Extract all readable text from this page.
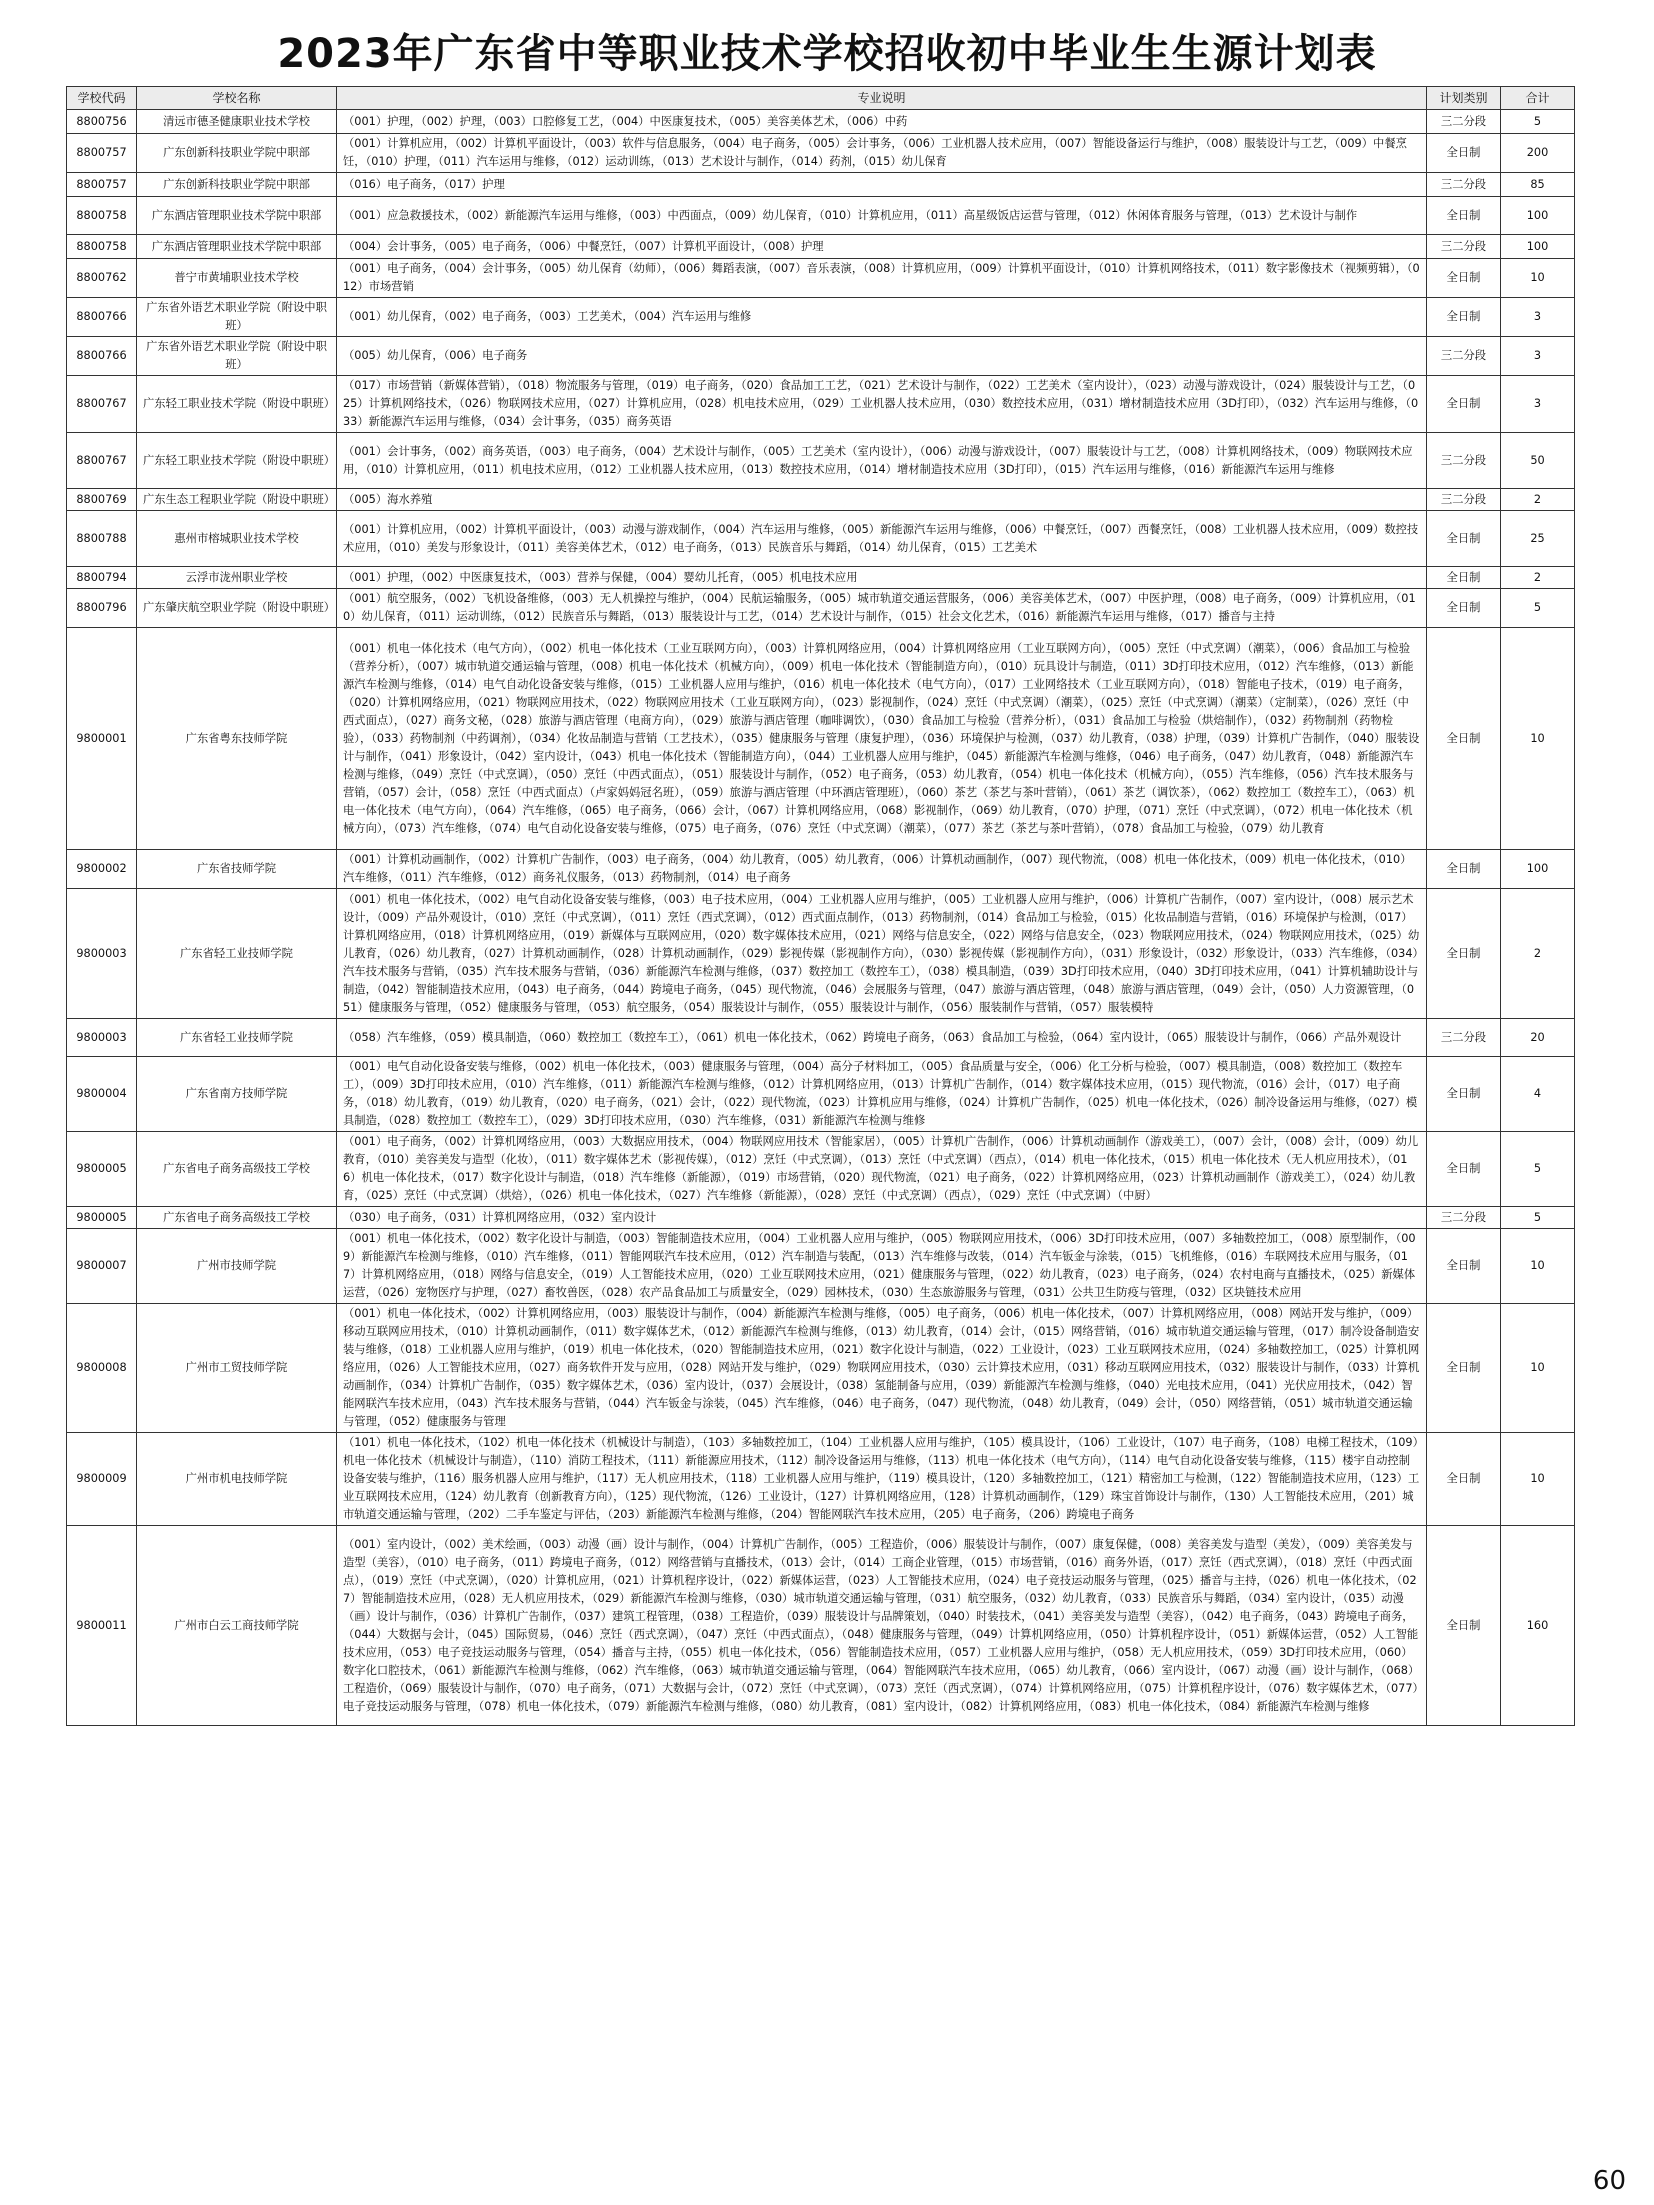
2023年广东省中等职业技术学校招收初中毕业生生源计划表
学校代码	学校名称	专业说明	计划类别	合计
8800756	清远市德圣健康职业技术学校	（001）护理，（002）护理，（003）口腔修复工艺，（004）中医康复技术，（005）美容美体艺术，（006）中药	三二分段	5
8800757	广东创新科技职业学院中职部	（001）计算机应用，（002）计算机平面设计，（003）软件与信息服务，（004）电子商务，（005）会计事务，（006）工业机器人技术应用，（007）智能设备运行与维护，（008）服装设计与工艺，（009）中餐烹饪，（010）护理，（011）汽车运用与维修，（012）运动训练，（013）艺术设计与制作，（014）药剂，（015）幼儿保育	全日制	200
8800757	广东创新科技职业学院中职部	（016）电子商务，（017）护理	三二分段	85
8800758	广东酒店管理职业技术学院中职部	（001）应急救援技术，（002）新能源汽车运用与维修，（003）中西面点，（009）幼儿保育，（010）计算机应用，（011）高星级饭店运营与管理，（012）休闲体育服务与管理，（013）艺术设计与制作	全日制	100
8800758	广东酒店管理职业技术学院中职部	（004）会计事务，（005）电子商务，（006）中餐烹饪，（007）计算机平面设计，（008）护理	三二分段	100
8800762	普宁市黄埔职业技术学校	（001）电子商务，（004）会计事务，（005）幼儿保育（幼师），（006）舞蹈表演，（007）音乐表演，（008）计算机应用，（009）计算机平面设计，（010）计算机网络技术，（011）数字影像技术（视频剪辑），（012）市场营销	全日制	10
8800766	广东省外语艺术职业学院（附设中职班）	（001）幼儿保育，（002）电子商务，（003）工艺美术，（004）汽车运用与维修	全日制	3
8800766	广东省外语艺术职业学院（附设中职班）	（005）幼儿保育，（006）电子商务	三二分段	3
8800767	广东轻工职业技术学院（附设中职班）	（017）市场营销（新媒体营销），（018）物流服务与管理，（019）电子商务，（020）食品加工工艺，（021）艺术设计与制作，（022）工艺美术（室内设计），（023）动漫与游戏设计，（024）服装设计与工艺，（025）计算机网络技术，（026）物联网技术应用，（027）计算机应用，（028）机电技术应用，（029）工业机器人技术应用，（030）数控技术应用，（031）增材制造技术应用（3D打印），（032）汽车运用与维修，（033）新能源汽车运用与维修，（034）会计事务，（035）商务英语	全日制	3
8800767	广东轻工职业技术学院（附设中职班）	（001）会计事务，（002）商务英语，（003）电子商务，（004）艺术设计与制作，（005）工艺美术（室内设计），（006）动漫与游戏设计，（007）服装设计与工艺，（008）计算机网络技术，（009）物联网技术应用，（010）计算机应用，（011）机电技术应用，（012）工业机器人技术应用，（013）数控技术应用，（014）增材制造技术应用（3D打印），（015）汽车运用与维修，（016）新能源汽车运用与维修	三二分段	50
8800769	广东生态工程职业学院（附设中职班）	（005）海水养殖	三二分段	2
8800788	惠州市榕城职业技术学校	（001）计算机应用，（002）计算机平面设计，（003）动漫与游戏制作，（004）汽车运用与维修，（005）新能源汽车运用与维修，（006）中餐烹饪，（007）西餐烹饪，（008）工业机器人技术应用，（009）数控技术应用，（010）美发与形象设计，（011）美容美体艺术，（012）电子商务，（013）民族音乐与舞蹈，（014）幼儿保育，（015）工艺美术	全日制	25
8800794	云浮市泷州职业学校	（001）护理，（002）中医康复技术，（003）营养与保健，（004）婴幼儿托育，（005）机电技术应用	全日制	2
8800796	广东肇庆航空职业学院（附设中职班）	（001）航空服务，（002）飞机设备维修，（003）无人机操控与维护，（004）民航运输服务，（005）城市轨道交通运营服务，（006）美容美体艺术，（007）中医护理，（008）电子商务，（009）计算机应用，（010）幼儿保育，（011）运动训练，（012）民族音乐与舞蹈，（013）服装设计与工艺，（014）艺术设计与制作，（015）社会文化艺术，（016）新能源汽车运用与维修，（017）播音与主持	全日制	5
9800001	广东省粤东技师学院	（001）机电一体化技术（电气方向），（002）机电一体化技术（工业互联网方向），（003）计算机网络应用，（004）计算机网络应用（工业互联网方向），（005）烹饪（中式烹调）（潮菜），（006）食品加工与检验（营养分析），（007）城市轨道交通运输与管理，（008）机电一体化技术（机械方向），（009）机电一体化技术（智能制造方向），（010）玩具设计与制造，（011）3D打印技术应用，（012）汽车维修，（013）新能源汽车检测与维修，（014）电气自动化设备安装与维修，（015）工业机器人应用与维护，（016）机电一体化技术（电气方向），（017）工业网络技术（工业互联网方向），（018）智能电子技术，（019）电子商务，（020）计算机网络应用，（021）物联网应用技术，（022）物联网应用技术（工业互联网方向），（023）影视制作，（024）烹饪（中式烹调）（潮菜），（025）烹饪（中式烹调）（潮菜）（定制菜），（026）烹饪（中西式面点），（027）商务文秘，（028）旅游与酒店管理（电商方向），（029）旅游与酒店管理（咖啡调饮），（030）食品加工与检验（营养分析），（031）食品加工与检验（烘焙制作），（032）药物制剂（药物检验），（033）药物制剂（中药调剂），（034）化妆品制造与营销（工艺技术），（035）健康服务与管理（康复护理），（036）环境保护与检测，（037）幼儿教育，（038）护理，（039）计算机广告制作，（040）服装设计与制作，（041）形象设计，（042）室内设计，（043）机电一体化技术（智能制造方向），（044）工业机器人应用与维护，（045）新能源汽车检测与维修，（046）电子商务，（047）幼儿教育，（048）新能源汽车检测与维修，（049）烹饪（中式烹调），（050）烹饪（中西式面点），（051）服装设计与制作，（052）电子商务，（053）幼儿教育，（054）机电一体化技术（机械方向），（055）汽车维修，（056）汽车技术服务与营销，（057）会计，（058）烹饪（中西式面点）（卢家妈妈冠名班），（059）旅游与酒店管理（中环酒店管理班），（060）茶艺（茶艺与茶叶营销），（061）茶艺（调饮茶），（062）数控加工（数控车工），（063）机电一体化技术（电气方向），（064）汽车维修，（065）电子商务，（066）会计，（067）计算机网络应用，（068）影视制作，（069）幼儿教育，（070）护理，（071）烹饪（中式烹调），（072）机电一体化技术（机械方向），（073）汽车维修，（074）电气自动化设备安装与维修，（075）电子商务，（076）烹饪（中式烹调）（潮菜），（077）茶艺（茶艺与茶叶营销），（078）食品加工与检验，（079）幼儿教育	全日制	10
9800002	广东省技师学院	（001）计算机动画制作，（002）计算机广告制作，（003）电子商务，（004）幼儿教育，（005）幼儿教育，（006）计算机动画制作，（007）现代物流，（008）机电一体化技术，（009）机电一体化技术，（010）汽车维修，（011）汽车维修，（012）商务礼仪服务，（013）药物制剂，（014）电子商务	全日制	100
9800003	广东省轻工业技师学院	（001）机电一体化技术，（002）电气自动化设备安装与维修，（003）电子技术应用，（004）工业机器人应用与维护，（005）工业机器人应用与维护，（006）计算机广告制作，（007）室内设计，（008）展示艺术设计，（009）产品外观设计，（010）烹饪（中式烹调），（011）烹饪（西式烹调），（012）西式面点制作，（013）药物制剂，（014）食品加工与检验，（015）化妆品制造与营销，（016）环境保护与检测，（017）计算机网络应用，（018）计算机网络应用，（019）新媒体与互联网应用，（020）数字媒体技术应用，（021）网络与信息安全，（022）网络与信息安全，（023）物联网应用技术，（024）物联网应用技术，（025）幼儿教育，（026）幼儿教育，（027）计算机动画制作，（028）计算机动画制作，（029）影视传媒（影视制作方向），（030）影视传媒（影视制作方向），（031）形象设计，（032）形象设计，（033）汽车维修，（034）汽车技术服务与营销，（035）汽车技术服务与营销，（036）新能源汽车检测与维修，（037）数控加工（数控车工），（038）模具制造，（039）3D打印技术应用，（040）3D打印技术应用，（041）计算机辅助设计与制造，（042）智能制造技术应用，（043）电子商务，（044）跨境电子商务，（045）现代物流，（046）会展服务与管理，（047）旅游与酒店管理，（048）旅游与酒店管理，（049）会计，（050）人力资源管理，（051）健康服务与管理，（052）健康服务与管理，（053）航空服务，（054）服装设计与制作，（055）服装设计与制作，（056）服装制作与营销，（057）服装模特	全日制	2
9800003	广东省轻工业技师学院	（058）汽车维修，（059）模具制造，（060）数控加工（数控车工），（061）机电一体化技术，（062）跨境电子商务，（063）食品加工与检验，（064）室内设计，（065）服装设计与制作，（066）产品外观设计	三二分段	20
9800004	广东省南方技师学院	（001）电气自动化设备安装与维修，（002）机电一体化技术，（003）健康服务与管理，（004）高分子材料加工，（005）食品质量与安全，（006）化工分析与检验，（007）模具制造，（008）数控加工（数控车工），（009）3D打印技术应用，（010）汽车维修，（011）新能源汽车检测与维修，（012）计算机网络应用，（013）计算机广告制作，（014）数字媒体技术应用，（015）现代物流，（016）会计，（017）电子商务，（018）幼儿教育，（019）幼儿教育，（020）电子商务，（021）会计，（022）现代物流，（023）计算机应用与维修，（024）计算机广告制作，（025）机电一体化技术，（026）制冷设备运用与维修，（027）模具制造，（028）数控加工（数控车工），（029）3D打印技术应用，（030）汽车维修，（031）新能源汽车检测与维修	全日制	4
9800005	广东省电子商务高级技工学校	（001）电子商务，（002）计算机网络应用，（003）大数据应用技术，（004）物联网应用技术（智能家居），（005）计算机广告制作，（006）计算机动画制作（游戏美工），（007）会计，（008）会计，（009）幼儿教育，（010）美容美发与造型（化妆），（011）数字媒体艺术（影视传媒），（012）烹饪（中式烹调），（013）烹饪（中式烹调）（西点），（014）机电一体化技术，（015）机电一体化技术（无人机应用技术），（016）机电一体化技术，（017）数字化设计与制造，（018）汽车维修（新能源），（019）市场营销，（020）现代物流，（021）电子商务，（022）计算机网络应用，（023）计算机动画制作（游戏美工），（024）幼儿教育，（025）烹饪（中式烹调）（烘焙），（026）机电一体化技术，（027）汽车维修（新能源），（028）烹饪（中式烹调）（西点），（029）烹饪（中式烹调）（中厨）	全日制	5
9800005	广东省电子商务高级技工学校	（030）电子商务，（031）计算机网络应用，（032）室内设计	三二分段	5
9800007	广州市技师学院	（001）机电一体化技术，（002）数字化设计与制造，（003）智能制造技术应用，（004）工业机器人应用与维护，（005）物联网应用技术，（006）3D打印技术应用，（007）多轴数控加工，（008）原型制作，（009）新能源汽车检测与维修，（010）汽车维修，（011）智能网联汽车技术应用，（012）汽车制造与装配，（013）汽车维修与改装，（014）汽车钣金与涂装，（015）飞机维修，（016）车联网技术应用与服务，（017）计算机网络应用，（018）网络与信息安全，（019）人工智能技术应用，（020）工业互联网技术应用，（021）健康服务与管理，（022）幼儿教育，（023）电子商务，（024）农村电商与直播技术，（025）新媒体运营，（026）宠物医疗与护理，（027）畜牧兽医，（028）农产品食品加工与质量安全，（029）园林技术，（030）生态旅游服务与管理，（031）公共卫生防疫与管理，（032）区块链技术应用	全日制	10
9800008	广州市工贸技师学院	（001）机电一体化技术，（002）计算机网络应用，（003）服装设计与制作，（004）新能源汽车检测与维修，（005）电子商务，（006）机电一体化技术，（007）计算机网络应用，（008）网站开发与维护，（009）移动互联网应用技术，（010）计算机动画制作，（011）数字媒体艺术，（012）新能源汽车检测与维修，（013）幼儿教育，（014）会计，（015）网络营销，（016）城市轨道交通运输与管理，（017）制冷设备制造安装与维修，（018）工业机器人应用与维护，（019）机电一体化技术，（020）智能制造技术应用，（021）数字化设计与制造，（022）工业设计，（023）工业互联网技术应用，（024）多轴数控加工，（025）计算机网络应用，（026）人工智能技术应用，（027）商务软件开发与应用，（028）网站开发与维护，（029）物联网应用技术，（030）云计算技术应用，（031）移动互联网应用技术，（032）服装设计与制作，（033）计算机动画制作，（034）计算机广告制作，（035）数字媒体艺术，（036）室内设计，（037）会展设计，（038）氢能制备与应用，（039）新能源汽车检测与维修，（040）光电技术应用，（041）光伏应用技术，（042）智能网联汽车技术应用，（043）汽车技术服务与营销，（044）汽车钣金与涂装，（045）汽车维修，（046）电子商务，（047）现代物流，（048）幼儿教育，（049）会计，（050）网络营销，（051）城市轨道交通运输与管理，（052）健康服务与管理	全日制	10
9800009	广州市机电技师学院	（101）机电一体化技术，（102）机电一体化技术（机械设计与制造），（103）多轴数控加工，（104）工业机器人应用与维护，（105）模具设计，（106）工业设计，（107）电子商务，（108）电梯工程技术，（109）机电一体化技术（机械设计与制造），（110）消防工程技术，（111）新能源应用技术，（112）制冷设备运用与维修，（113）机电一体化技术（电气方向），（114）电气自动化设备安装与维修，（115）楼宇自动控制设备安装与维护，（116）服务机器人应用与维护，（117）无人机应用技术，（118）工业机器人应用与维护，（119）模具设计，（120）多轴数控加工，（121）精密加工与检测，（122）智能制造技术应用，（123）工业互联网技术应用，（124）幼儿教育（创新教育方向），（125）现代物流，（126）工业设计，（127）计算机网络应用，（128）计算机动画制作，（129）珠宝首饰设计与制作，（130）人工智能技术应用，（201）城市轨道交通运输与管理，（202）二手车鉴定与评估，（203）新能源汽车检测与维修，（204）智能网联汽车技术应用，（205）电子商务，（206）跨境电子商务	全日制	10
9800011	广州市白云工商技师学院	（001）室内设计，（002）美术绘画，（003）动漫（画）设计与制作，（004）计算机广告制作，（005）工程造价，（006）服装设计与制作，（007）康复保健，（008）美容美发与造型（美发），（009）美容美发与造型（美容），（010）电子商务，（011）跨境电子商务，（012）网络营销与直播技术，（013）会计，（014）工商企业管理，（015）市场营销，（016）商务外语，（017）烹饪（西式烹调），（018）烹饪（中西式面点），（019）烹饪（中式烹调），（020）计算机应用，（021）计算机程序设计，（022）新媒体运营，（023）人工智能技术应用，（024）电子竞技运动服务与管理，（025）播音与主持，（026）机电一体化技术，（027）智能制造技术应用，（028）无人机应用技术，（029）新能源汽车检测与维修，（030）城市轨道交通运输与管理，（031）航空服务，（032）幼儿教育，（033）民族音乐与舞蹈，（034）室内设计，（035）动漫（画）设计与制作，（036）计算机广告制作，（037）建筑工程管理，（038）工程造价，（039）服装设计与品牌策划，（040）时装技术，（041）美容美发与造型（美容），（042）电子商务，（043）跨境电子商务，（044）大数据与会计，（045）国际贸易，（046）烹饪（西式烹调），（047）烹饪（中西式面点），（048）健康服务与管理，（049）计算机网络应用，（050）计算机程序设计，（051）新媒体运营，（052）人工智能技术应用，（053）电子竞技运动服务与管理，（054）播音与主持，（055）机电一体化技术，（056）智能制造技术应用，（057）工业机器人应用与维护，（058）无人机应用技术，（059）3D打印技术应用，（060）数字化口腔技术，（061）新能源汽车检测与维修，（062）汽车维修，（063）城市轨道交通运输与管理，（064）智能网联汽车技术应用，（065）幼儿教育，（066）室内设计，（067）动漫（画）设计与制作，（068）工程造价，（069）服装设计与制作，（070）电子商务，（071）大数据与会计，（072）烹饪（中式烹调），（073）烹饪（西式烹调），（074）计算机网络应用，（075）计算机程序设计，（076）数字媒体艺术，（077）电子竞技运动服务与管理，（078）机电一体化技术，（079）新能源汽车检测与维修，（080）幼儿教育，（081）室内设计，（082）计算机网络应用，（083）机电一体化技术，（084）新能源汽车检测与维修	全日制	160
60
